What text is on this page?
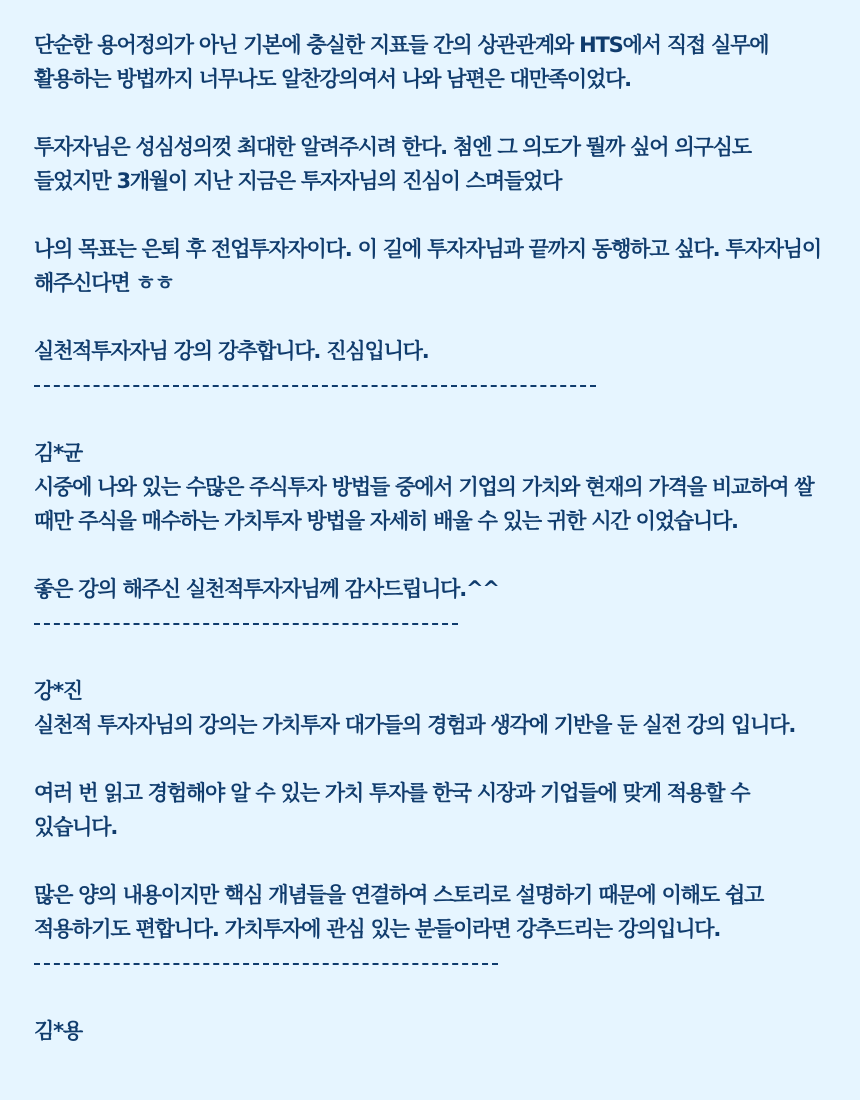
단순한 용어정의가 아닌 기본에 충실한 지표들 간의 상관관계와 HTS에서 직접 실무에 활용하는 방법까지 너무나도 알찬강의여서 나와 남편은 대만족이었다.
투자자님은 성심성의껏 최대한 알려주시려 한다. 첨엔 그 의도가 뭘까 싶어 의구심도 들었지만 3개월이 지난 지금은 투자자님의 진심이 스며들었다
나의 목표는 은퇴 후 전업투자자이다. 이 길에 투자자님과 끝까지 동행하고 싶다. 투자자님이 해주신다면 ㅎㅎ
실천적투자자님 강의 강추합니다. 진심입니다.
김*균
시중에 나와 있는 수많은 주식투자 방법들 중에서 기업의 가치와 현재의 가격을 비교하여 쌀 때만 주식을 매수하는 가치투자 방법을 자세히 배울 수 있는 귀한 시간 이었습니다.
좋은 강의 해주신 실천적투자자님께 감사드립니다.^^
강*진
실천적 투자자님의 강의는 가치투자 대가들의 경험과 생각에 기반을 둔 실전 강의 입니다.
여러 번 읽고 경험해야 알 수 있는 가치 투자를 한국 시장과 기업들에 맞게 적용할 수 있습니다.
많은 양의 내용이지만 핵심 개념들을 연결하여 스토리로 설명하기 때문에 이해도 쉽고 적용하기도 편합니다. 가치투자에 관심 있는 분들이라면 강추드리는 강의입니다.
김*용
